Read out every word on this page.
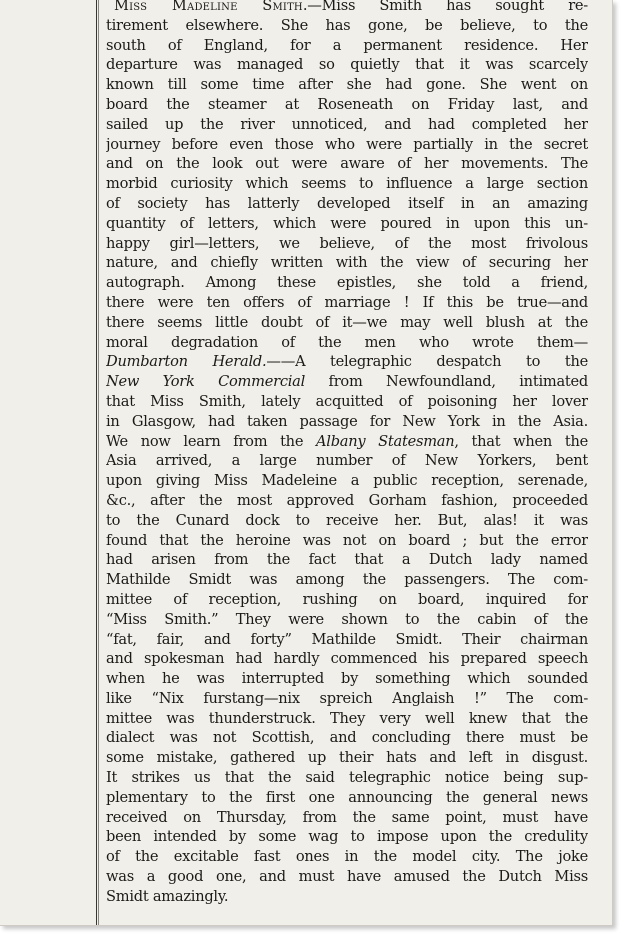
Miss Madeline Smith.—Miss Smith has sought re-
tirement elsewhere. She has gone, be believe, to the
south of England, for a permanent residence. Her
departure was managed so quietly that it was scarcely
known till some time after she had gone. She went on
board the steamer at Roseneath on Friday last, and
sailed up the river unnoticed, and had completed her
journey before even those who were partially in the secret
and on the look out were aware of her movements. The
morbid curiosity which seems to influence a large section
of society has latterly developed itself in an amazing
quantity of letters, which were poured in upon this un-
happy girl—letters, we believe, of the most frivolous
nature, and chiefly written with the view of securing her
autograph. Among these epistles, she told a friend,
there were ten offers of marriage ! If this be true—and
there seems little doubt of it—we may well blush at the
moral degradation of the men who wrote them—
Dumbarton Herald.——A telegraphic despatch to the
New York Commercial from Newfoundland, intimated
that Miss Smith, lately acquitted of poisoning her lover
in Glasgow, had taken passage for New York in the Asia.
We now learn from the Albany Statesman, that when the
Asia arrived, a large number of New Yorkers, bent
upon giving Miss Madeleine a public reception, serenade,
&c., after the most approved Gorham fashion, proceeded
to the Cunard dock to receive her. But, alas! it was
found that the heroine was not on board ; but the error
had arisen from the fact that a Dutch lady named
Mathilde Smidt was among the passengers. The com-
mittee of reception, rushing on board, inquired for
“Miss Smith.” They were shown to the cabin of the
“fat, fair, and forty” Mathilde Smidt. Their chairman
and spokesman had hardly commenced his prepared speech
when he was interrupted by something which sounded
like “Nix furstang—nix spreich Anglaish !” The com-
mittee was thunderstruck. They very well knew that the
dialect was not Scottish, and concluding there must be
some mistake, gathered up their hats and left in disgust.
It strikes us that the said telegraphic notice being sup-
plementary to the first one announcing the general news
received on Thursday, from the same point, must have
been intended by some wag to impose upon the credulity
of the excitable fast ones in the model city. The joke
was a good one, and must have amused the Dutch Miss
Smidt amazingly.
